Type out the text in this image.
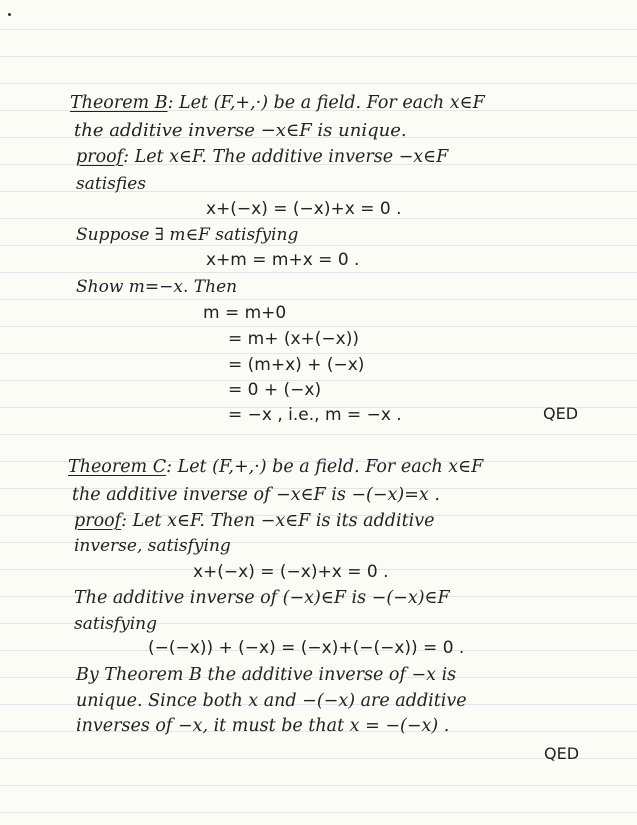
Theorem B: Let (F,+,·) be a field. For each x∈F
the additive inverse −x∈F is unique.
proof: Let x∈F. The additive inverse −x∈F
satisfies
x+(−x) = (−x)+x = 0 .
Suppose ∃ m∈F satisfying
x+m = m+x = 0 .
Show m=−x. Then
m = m+0
= m+ (x+(−x))
= (m+x) + (−x)
= 0 + (−x)
= −x , i.e., m = −x .	QED
Theorem C: Let (F,+,·) be a field. For each x∈F
the additive inverse of −x∈F is −(−x)=x .
proof: Let x∈F. Then −x∈F is its additive
inverse, satisfying
x+(−x) = (−x)+x = 0 .
The additive inverse of (−x)∈F is −(−x)∈F
satisfying
(−(−x)) + (−x) = (−x)+(−(−x)) = 0 .
By Theorem B the additive inverse of −x is
unique. Since both x and −(−x) are additive
inverses of −x, it must be that x = −(−x) .
QED
